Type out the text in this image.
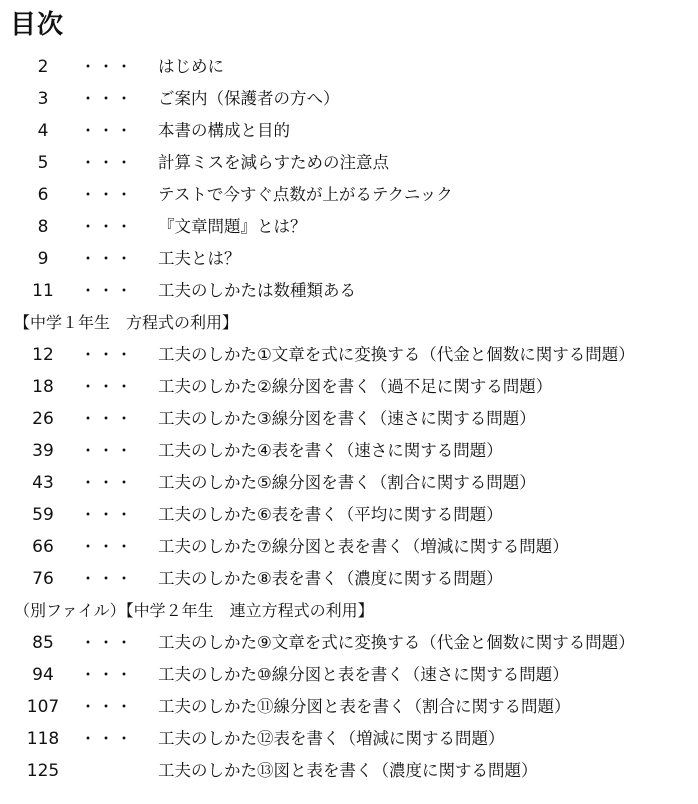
目次
2	・・・ はじめに
3	・・・ ご案内（保護者の方へ）
4	・・・ 本書の構成と目的
5	・・・ 計算ミスを減らすための注意点
6	・・・ テストで今すぐ点数が上がるテクニック
8	・・・ 『文章問題』とは？
9	・・・ 工夫とは？
11	・・・ 工夫のしかたは数種類ある
【中学１年生　方程式の利用】
12	・・・ 工夫のしかた①文章を式に変換する（代金と個数に関する問題）
18	・・・ 工夫のしかた②線分図を書く（過不足に関する問題）
26	・・・ 工夫のしかた③線分図を書く（速さに関する問題）
39	・・・ 工夫のしかた④表を書く（速さに関する問題）
43	・・・ 工夫のしかた⑤線分図を書く（割合に関する問題）
59	・・・ 工夫のしかた⑥表を書く（平均に関する問題）
66	・・・ 工夫のしかた⑦線分図と表を書く（増減に関する問題）
76	・・・ 工夫のしかた⑧表を書く（濃度に関する問題）
（別ファイル）【中学２年生　連立方程式の利用】
85	・・・ 工夫のしかた⑨文章を式に変換する（代金と個数に関する問題）
94	・・・ 工夫のしかた⑩線分図と表を書く（速さに関する問題）
107	・・・ 工夫のしかた⑪線分図と表を書く（割合に関する問題）
118	・・・ 工夫のしかた⑫表を書く（増減に関する問題）
125	工夫のしかた⑬図と表を書く（濃度に関する問題）
